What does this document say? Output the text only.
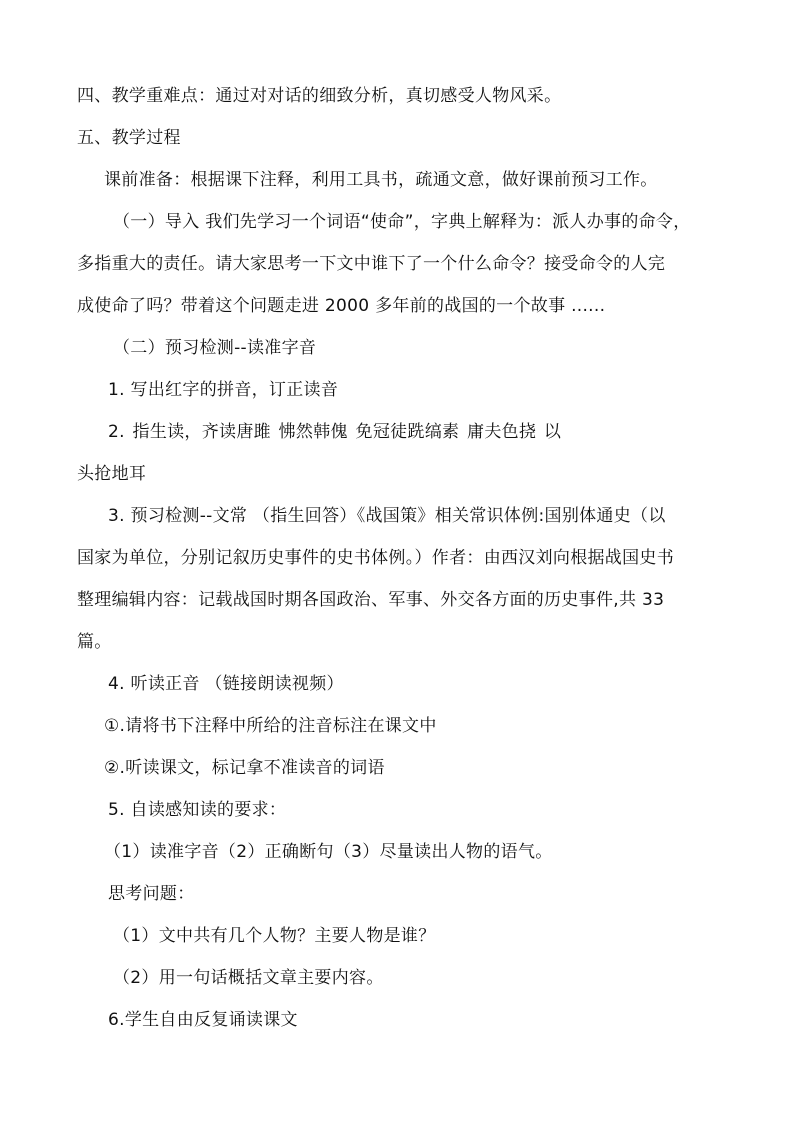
四、教学重难点：通过对对话的细致分析，真切感受人物风采。
五、教学过程
课前准备：根据课下注释，利用工具书，疏通文意，做好课前预习工作。
（一）导入 我们先学习一个词语“使命”，字典上解释为：派人办事的命令，
多指重大的责任。请大家思考一下文中谁下了一个什么命令？接受命令的人完
成使命了吗？带着这个问题走进 2000 多年前的战国的一个故事 ......
（二）预习检测--读准字音
1. 写出红字的拼音，订正读音
2. 指生读，齐读唐雎 怫然韩傀 免冠徒跣缟素 庸夫色挠 以
头抢地耳
3. 预习检测--文常 （指生回答）《战国策》相关常识体例:国别体通史（以
国家为单位，分别记叙历史事件的史书体例。）作者：由西汉刘向根据战国史书
整理编辑内容：记载战国时期各国政治、军事、外交各方面的历史事件,共 33
篇。
4. 听读正音 （链接朗读视频）
①.请将书下注释中所给的注音标注在课文中
②.听读课文，标记拿不准读音的词语
5. 自读感知读的要求：
（1）读准字音（2）正确断句（3）尽量读出人物的语气。
思考问题：
（1）文中共有几个人物？主要人物是谁？
（2）用一句话概括文章主要内容。
6.学生自由反复诵读课文
